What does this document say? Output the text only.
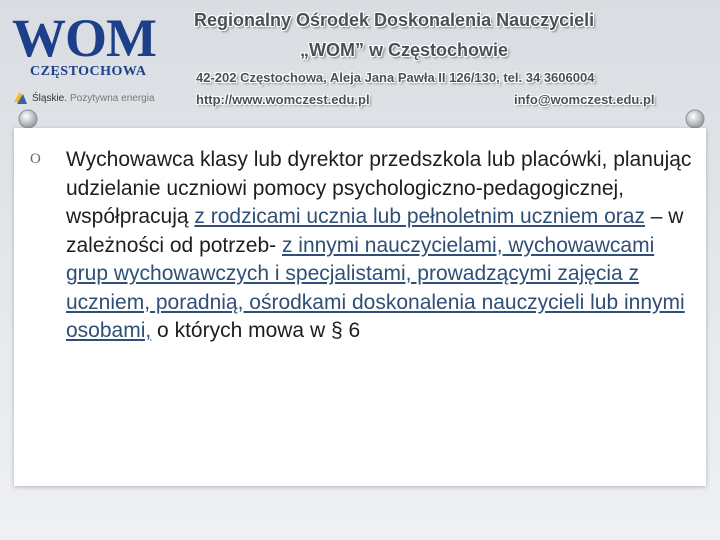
WOM
CZĘSTOCHOWA
Śląskie. Pozytywna energia
Regionalny Ośrodek Doskonalenia Nauczycieli
„WOM” w Częstochowie
42-202 Częstochowa, Aleja Jana Pawła II 126/130, tel. 34 3606004
http://www.womczest.edu.pl	info@womczest.edu.pl
O Wychowawca klasy lub dyrektor przedszkola lub placówki, planując udzielanie uczniowi pomocy psychologiczno-pedagogicznej, współpracują z rodzicami ucznia lub pełnoletnim uczniem oraz – w zależności od potrzeb- z innymi nauczycielami, wychowawcami grup wychowawczych i specjalistami, prowadzącymi zajęcia z uczniem, poradnią, ośrodkami doskonalenia nauczycieli lub innymi osobami, o których mowa w § 6
